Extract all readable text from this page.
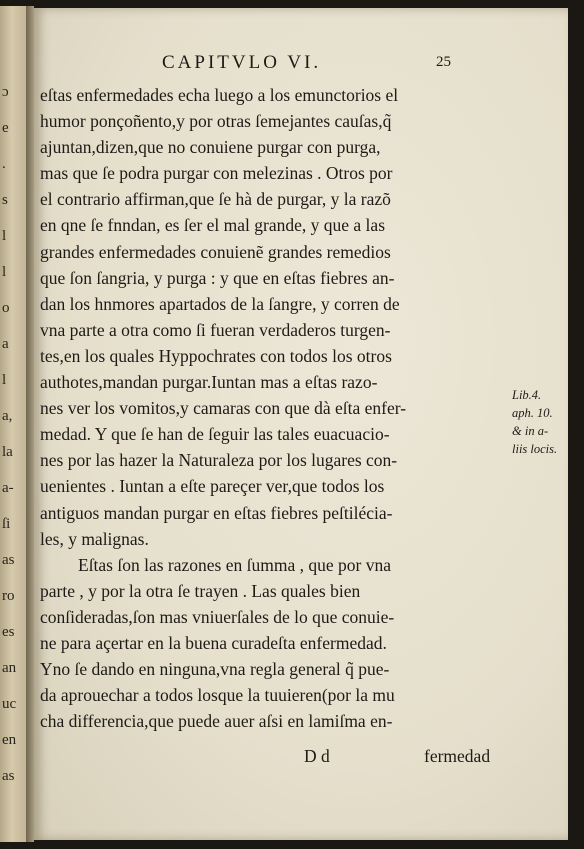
ɔ
e
.
s
l
l
o
a
l
a,
la
a-
ſi
as
ro
es
an
uc
en
as
CAPITVLO VI.	25
eſtas enfermedades echa luego a los emunctorios el
humor ponçoñento,y por otras ſemejantes cauſas,q̃
ajuntan,dizen,que no conuiene purgar con purga,
mas que ſe podra purgar con melezinas . Otros por
el contrario affirman,que ſe hà de purgar, y la razõ
en qne ſe fnndan, es ſer el mal grande, y que a las
grandes enfermedades conuienẽ grandes remedios
que ſon ſangria, y purga : y que en eſtas fiebres an-
dan los hnmores apartados de la ſangre, y corren de
vna parte a otra como ſi fueran verdaderos turgen-
tes,en los quales Hyppochrates con todos los otros
authotes,mandan purgar.Iuntan mas a eſtas razo-
nes ver los vomitos,y camaras con que dà eſta enfer-
medad. Y que ſe han de ſeguir las tales euacuacio-
nes por las hazer la Naturaleza por los lugares con-
uenientes . Iuntan a eſte pareçer ver,que todos los
antiguos mandan purgar en eſtas fiebres peſtilécia-
les, y malignas.
Eſtas ſon las razones en ſumma , que por vna
parte , y por la otra ſe trayen . Las quales bien
conſideradas,ſon mas vniuerſales de lo que conuie-
ne para açertar en la buena curadeſta enfermedad.
Yno ſe dando en ninguna,vna regla general q̃ pue-
da aprouechar a todos losque la tuuieren(por la mu
cha differencia,que puede auer aſsi en lamiſma en-
Lib.4.
aph. 10.
& in a-
liis locis.
D d	fermedad
